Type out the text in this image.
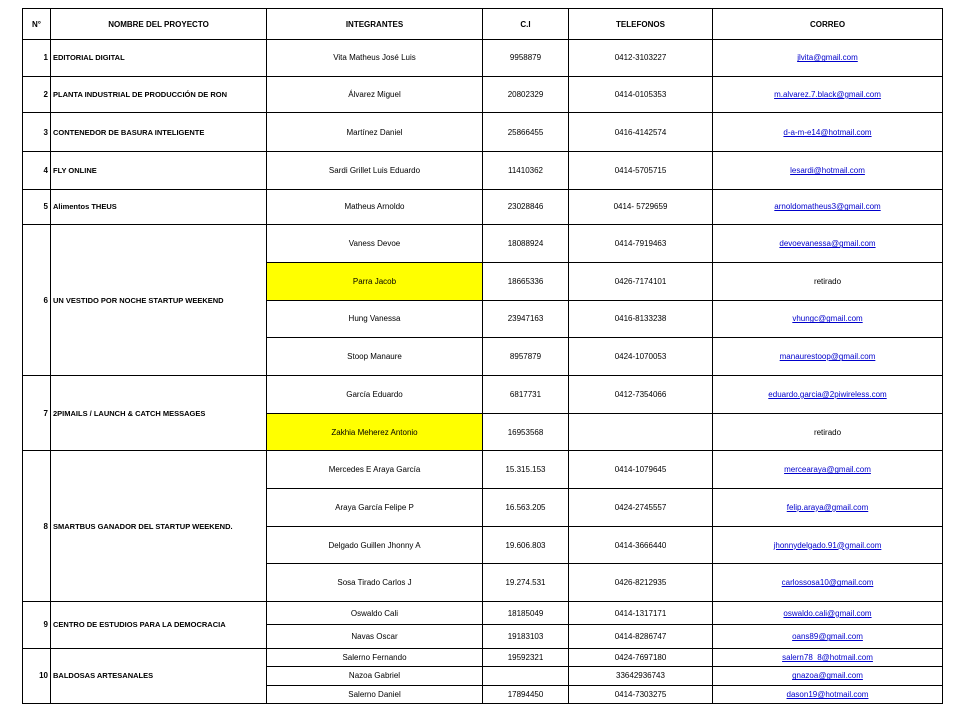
N°	NOMBRE DEL PROYECTO	INTEGRANTES	C.I	TELEFONOS	CORREO
1	EDITORIAL DIGITAL	Vita Matheus José Luis	9958879	0412-3103227	jlvita@gmail.com
2	PLANTA INDUSTRIAL DE PRODUCCIÓN DE RON	Álvarez Miguel	20802329	0414-0105353	m.alvarez.7.black@gmail.com
3	CONTENEDOR DE BASURA INTELIGENTE	Martínez Daniel	25866455	0416-4142574	d-a-m-e14@hotmail.com
4	FLY ONLINE	Sardi Grillet Luis Eduardo	11410362	0414-5705715	lesardi@hotmail.com
5	Alimentos THEUS	Matheus Arnoldo	23028846	0414- 5729659	arnoldomatheus3@gmail.com
6	UN VESTIDO POR NOCHE STARTUP WEEKEND	Vaness Devoe	18088924	0414-7919463	devoevanessa@gmail.com
		Parra Jacob	18665336	0426-7174101	retirado
		Hung Vanessa	23947163	0416-8133238	vhungc@gmail.com
		Stoop Manaure	8957879	0424-1070053	manaurestoop@gmail.com
7	2PIMAILS / LAUNCH & CATCH MESSAGES	García Eduardo	6817731	0412-7354066	eduardo.garcia@2piwireless.com
		Zakhia Meherez Antonio	16953568		retirado
8	SMARTBUS GANADOR DEL STARTUP WEEKEND.	Mercedes E Araya García	15.315.153	0414-1079645	mercearaya@gmail.com
		Araya García Felipe P	16.563.205	0424-2745557	felip.araya@gmail.com
		Delgado Guillen Jhonny A	19.606.803	0414-3666440	jhonnydelgado.91@gmail.com
		Sosa Tirado Carlos J	19.274.531	0426-8212935	carlossosa10@gmail.com
9	CENTRO DE ESTUDIOS PARA LA DEMOCRACIA	Oswaldo Cali	18185049	0414-1317171	oswaldo.cali@gmail.com
		Navas Oscar	19183103	0414-8286747	oans89@gmail.com
10	BALDOSAS ARTESANALES	Salerno Fernando	19592321	0424-7697180	salern78_8@hotmail.com
		Nazoa Gabriel		33642936743	gnazoa@gmail.com
		Salerno Daniel	17894450	0414-7303275	dason19@hotmail.com
